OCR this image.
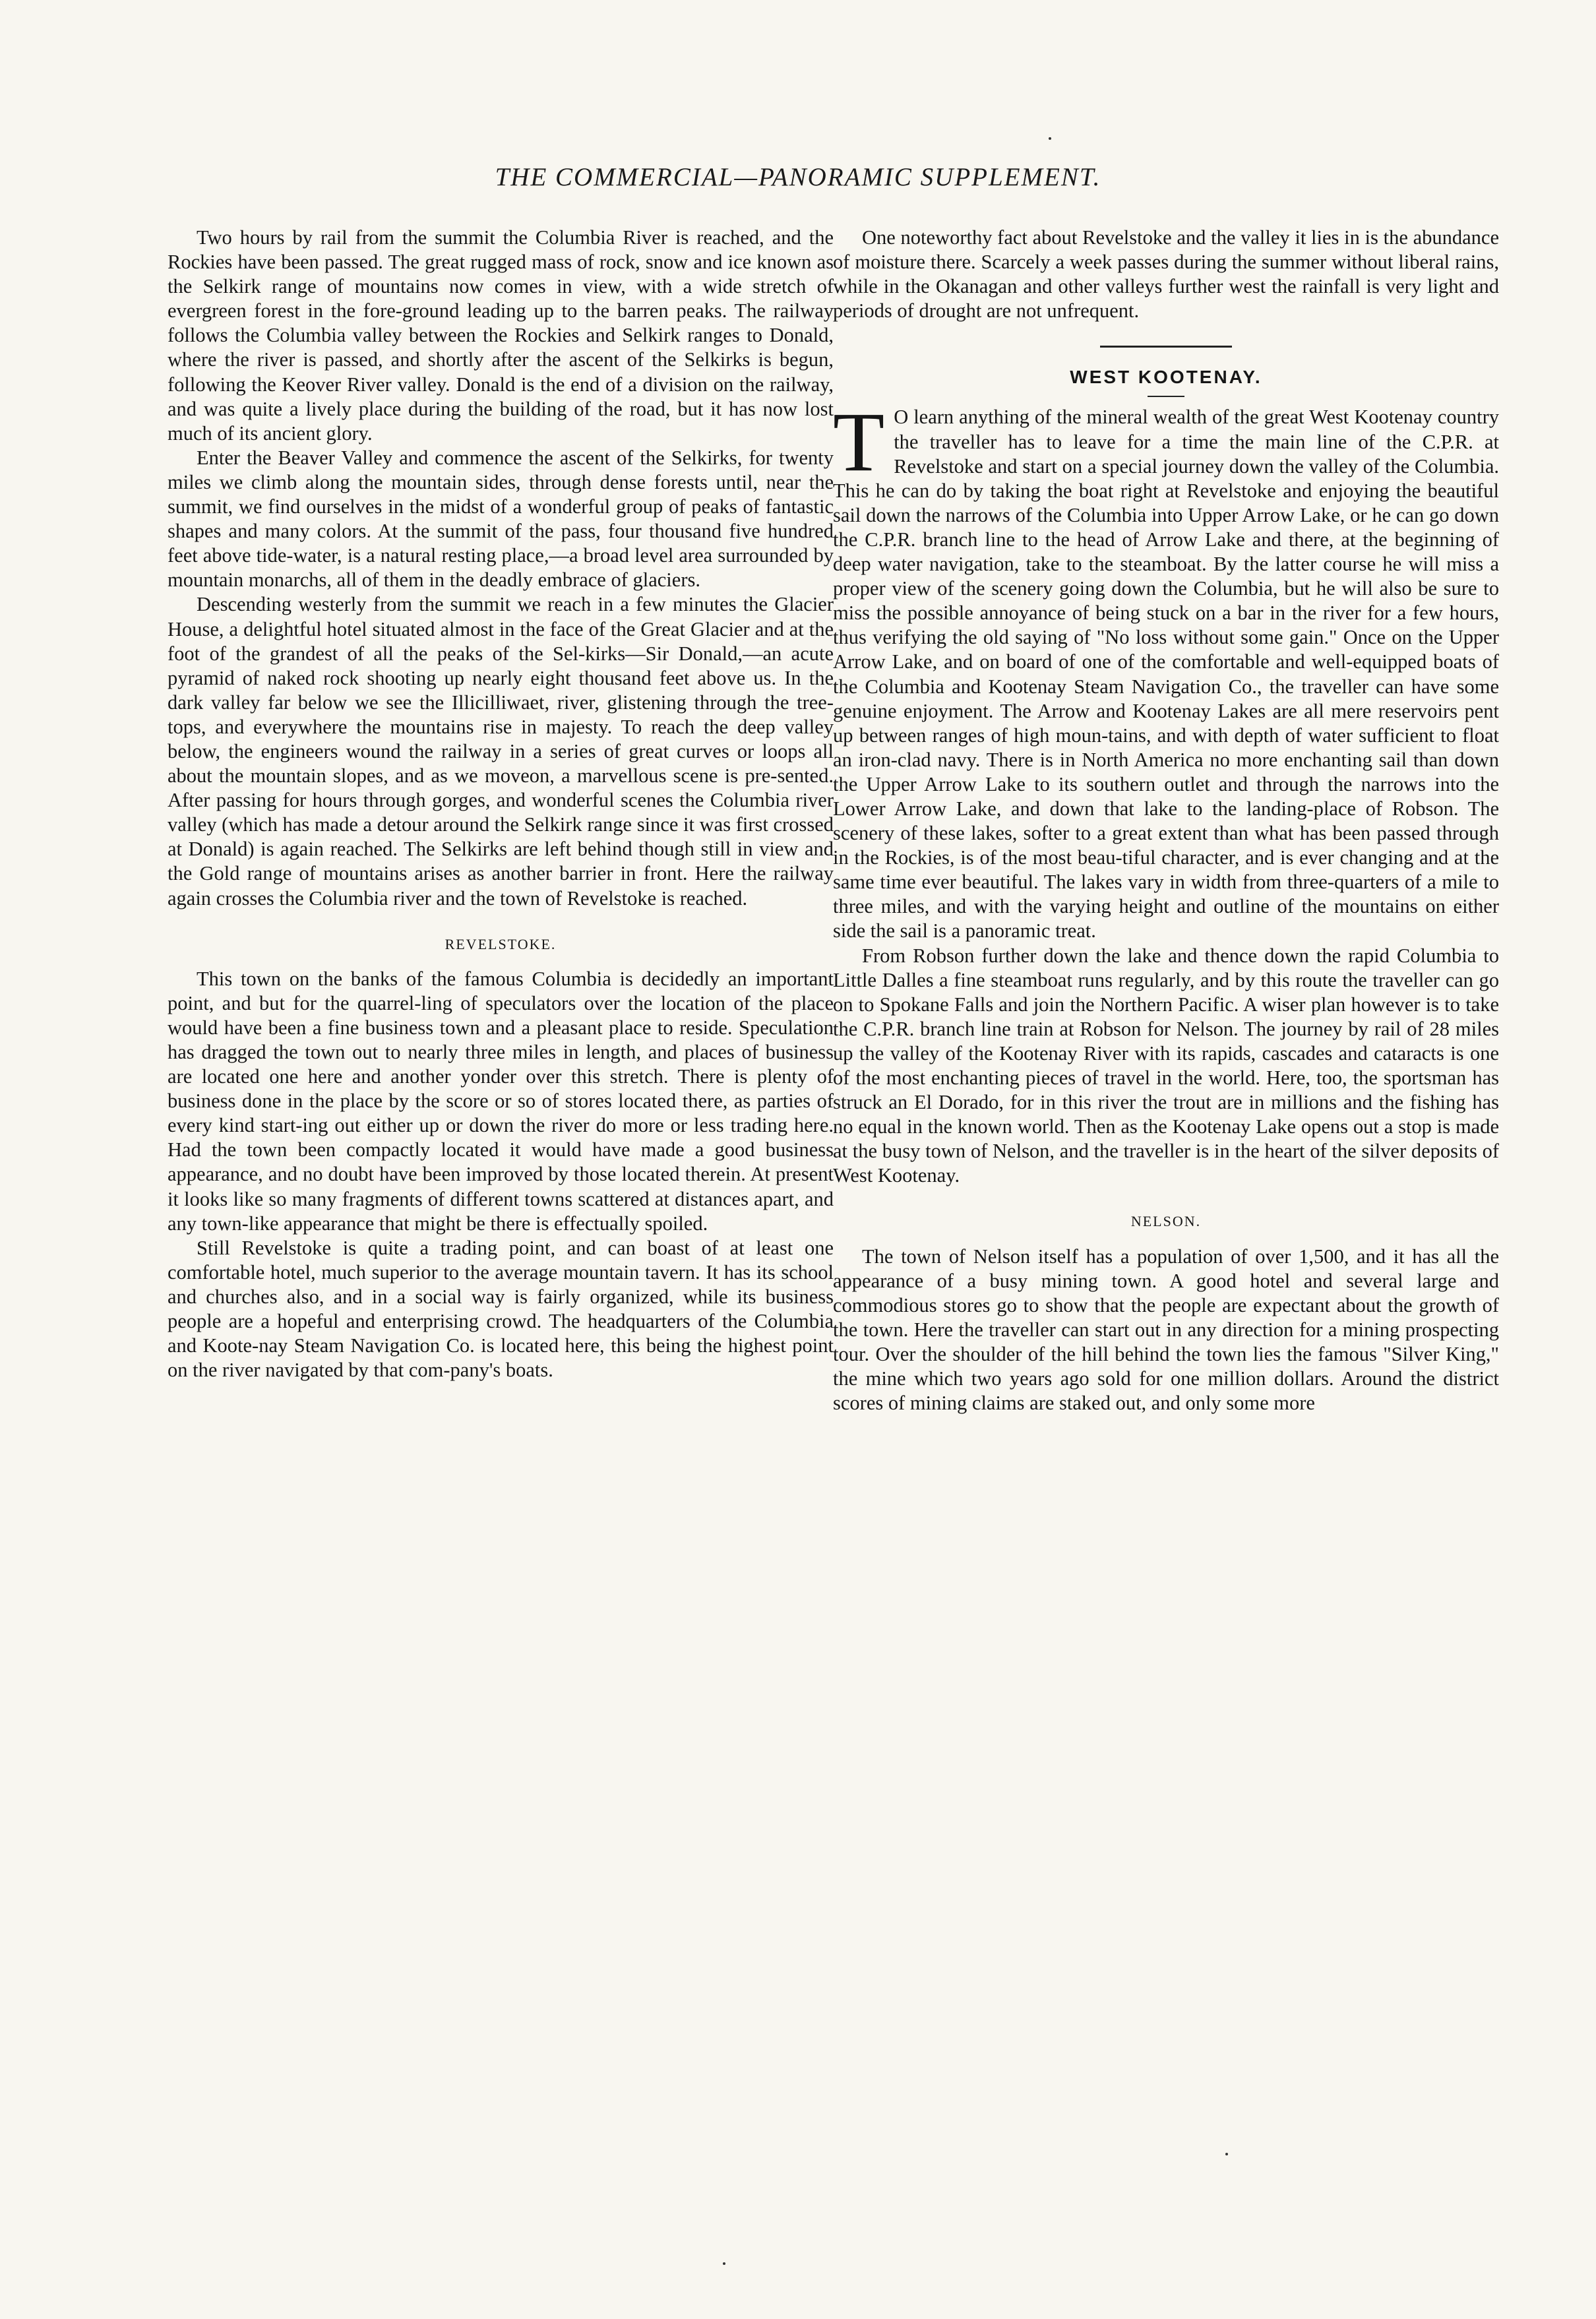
THE COMMERCIAL—PANORAMIC SUPPLEMENT.

Two hours by rail from the summit the Columbia River is reached, and the Rockies have been passed. The great rugged mass of rock, snow and ice known as the Selkirk range of mountains now comes in view, with a wide stretch of evergreen forest in the fore-ground leading up to the barren peaks. The railway follows the Columbia valley between the Rockies and Selkirk ranges to Donald, where the river is passed, and shortly after the ascent of the Selkirks is begun, following the Keover River valley. Donald is the end of a division on the railway, and was quite a lively place during the building of the road, but it has now lost much of its ancient glory.

Enter the Beaver Valley and commence the ascent of the Selkirks, for twenty miles we climb along the mountain sides, through dense forests until, near the summit, we find ourselves in the midst of a wonderful group of peaks of fantastic shapes and many colors. At the summit of the pass, four thousand five hundred feet above tide-water, is a natural resting place,—a broad level area surrounded by mountain monarchs, all of them in the deadly embrace of glaciers.

Descending westerly from the summit we reach in a few minutes the Glacier House, a delightful hotel situated almost in the face of the Great Glacier and at the foot of the grandest of all the peaks of the Sel-kirks—Sir Donald,—an acute pyramid of naked rock shooting up nearly eight thousand feet above us. In the dark valley far below we see the Illicilliwaet, river, glistening through the tree-tops, and everywhere the mountains rise in majesty. To reach the deep valley below, the engineers wound the railway in a series of great curves or loops all about the mountain slopes, and as we moveon, a marvellous scene is pre-sented. After passing for hours through gorges, and wonderful scenes the Columbia river valley (which has made a detour around the Selkirk range since it was first crossed at Donald) is again reached. The Selkirks are left behind though still in view and the Gold range of mountains arises as another barrier in front. Here the railway again crosses the Columbia river and the town of Revelstoke is reached.

REVELSTOKE.

This town on the banks of the famous Columbia is decidedly an important point, and but for the quarrel-ling of speculators over the location of the place would have been a fine business town and a pleasant place to reside. Speculation has dragged the town out to nearly three miles in length, and places of business are located one here and another yonder over this stretch. There is plenty of business done in the place by the score or so of stores located there, as parties of every kind start-ing out either up or down the river do more or less trading here. Had the town been compactly located it would have made a good business appearance, and no doubt have been improved by those located therein. At present it looks like so many fragments of different towns scattered at distances apart, and any town-like appearance that might be there is effectually spoiled.

Still Revelstoke is quite a trading point, and can boast of at least one comfortable hotel, much superior to the average mountain tavern. It has its school and churches also, and in a social way is fairly organized, while its business people are a hopeful and enterprising crowd. The headquarters of the Columbia and Koote-nay Steam Navigation Co. is located here, this being the highest point on the river navigated by that com-pany's boats.

One noteworthy fact about Revelstoke and the valley it lies in is the abundance of moisture there. Scarcely a week passes during the summer without liberal rains, while in the Okanagan and other valleys further west the rainfall is very light and periods of drought are not unfrequent.

WEST KOOTENAY.

T O learn anything of the mineral wealth of the great West Kootenay country the traveller has to leave for a time the main line of the C.P.R. at Revelstoke and start on a special journey down the valley of the Columbia. This he can do by taking the boat right at Revelstoke and enjoying the beautiful sail down the narrows of the Columbia into Upper Arrow Lake, or he can go down the C.P.R. branch line to the head of Arrow Lake and there, at the beginning of deep water navigation, take to the steamboat. By the latter course he will miss a proper view of the scenery going down the Columbia, but he will also be sure to miss the possible annoyance of being stuck on a bar in the river for a few hours, thus verifying the old saying of "No loss without some gain." Once on the Upper Arrow Lake, and on board of one of the comfortable and well-equipped boats of the Columbia and Kootenay Steam Navigation Co., the traveller can have some genuine enjoyment. The Arrow and Kootenay Lakes are all mere reservoirs pent up between ranges of high moun-tains, and with depth of water sufficient to float an iron-clad navy. There is in North America no more enchanting sail than down the Upper Arrow Lake to its southern outlet and through the narrows into the Lower Arrow Lake, and down that lake to the landing-place of Robson. The scenery of these lakes, softer to a great extent than what has been passed through in the Rockies, is of the most beau-tiful character, and is ever changing and at the same time ever beautiful. The lakes vary in width from three-quarters of a mile to three miles, and with the varying height and outline of the mountains on either side the sail is a panoramic treat.

From Robson further down the lake and thence down the rapid Columbia to Little Dalles a fine steamboat runs regularly, and by this route the traveller can go on to Spokane Falls and join the Northern Pacific. A wiser plan however is to take the C.P.R. branch line train at Robson for Nelson. The journey by rail of 28 miles up the valley of the Kootenay River with its rapids, cascades and cataracts is one of the most enchanting pieces of travel in the world. Here, too, the sportsman has struck an El Dorado, for in this river the trout are in millions and the fishing has no equal in the known world. Then as the Kootenay Lake opens out a stop is made at the busy town of Nelson, and the traveller is in the heart of the silver deposits of West Kootenay.

NELSON.

The town of Nelson itself has a population of over 1,500, and it has all the appearance of a busy mining town. A good hotel and several large and commodious stores go to show that the people are expectant about the growth of the town. Here the traveller can start out in any direction for a mining prospecting tour. Over the shoulder of the hill behind the town lies the famous "Silver King," the mine which two years ago sold for one million dollars. Around the district scores of mining claims are staked out, and only some more
